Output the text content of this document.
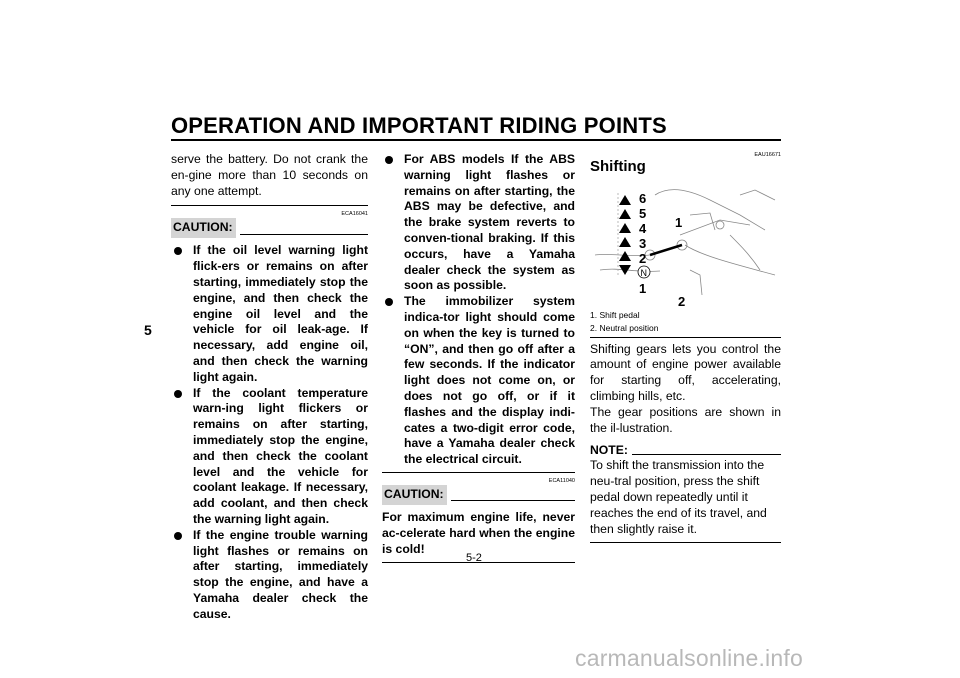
OPERATION AND IMPORTANT RIDING POINTS
5

serve the battery. Do not crank the en-gine more than 10 seconds on any one attempt.

ECA16041

CAUTION:
If the oil level warning light flick-ers or remains on after starting, immediately stop the engine, and then check the engine oil level and the vehicle for oil leak-age. If necessary, add engine oil, and then check the warning light again.
If the coolant temperature warn-ing light flickers or remains on after starting, immediately stop the engine, and then check the coolant level and the vehicle for coolant leakage. If necessary, add coolant, and then check the warning light again.
If the engine trouble warning light flashes or remains on after starting, immediately stop the engine, and have a Yamaha dealer check the cause.
For ABS models If the ABS warning light flashes or remains on after starting, the ABS may be defective, and the brake system reverts to conven-tional braking. If this occurs, have a Yamaha dealer check the system as soon as possible.
The immobilizer system indica-tor light should come on when the key is turned to “ON”, and then go off after a few seconds. If the indicator light does not come on, or does not go off, or if it flashes and the display indi-cates a two-digit error code, have a Yamaha dealer check the electrical circuit.

ECA11040

CAUTION:

For maximum engine life, never ac-celerate hard when the engine is cold!

EAU16671

Shifting

6
5
4
3
2
N
1
1
2
1. Shift pedal
2. Neutral position

Shifting gears lets you control the amount of engine power available for starting off, accelerating, climbing hills, etc.

The gear positions are shown in the il-lustration.

NOTE:

To shift the transmission into the neu-tral position, press the shift pedal down repeatedly until it reaches the end of its travel, and then slightly raise it.

5-2
carmanualsonline.info
